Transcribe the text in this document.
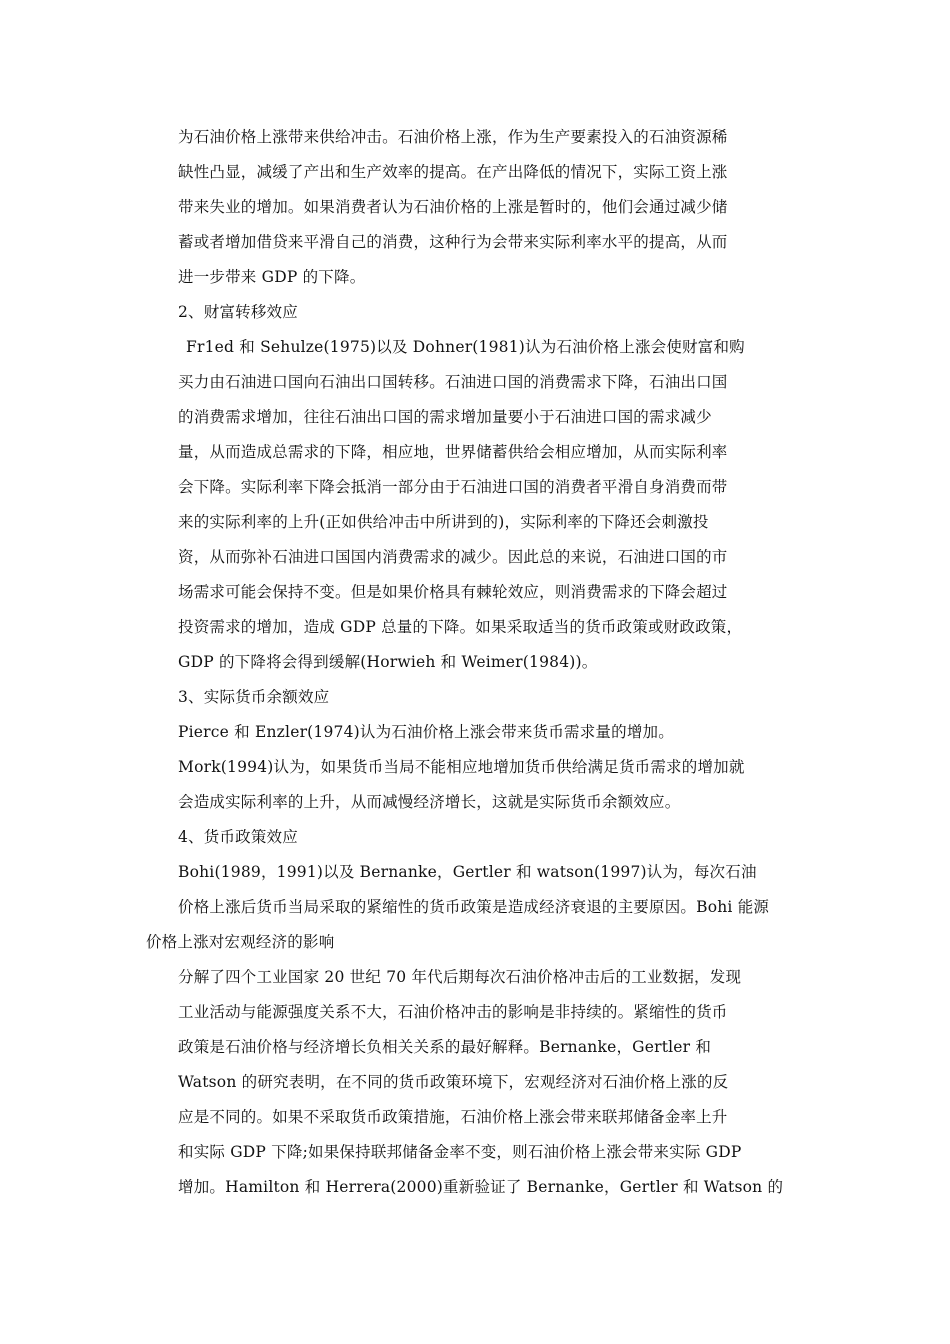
为石油价格上涨带来供给冲击。石油价格上涨，作为生产要素投入的石油资源稀
缺性凸显，减缓了产出和生产效率的提高。在产出降低的情况下，实际工资上涨
带来失业的增加。如果消费者认为石油价格的上涨是暂时的，他们会通过减少储
蓄或者增加借贷来平滑自己的消费，这种行为会带来实际利率水平的提高，从而
进一步带来 GDP 的下降。
2、财富转移效应
Fr1ed 和 Sehulze(1975)以及 Dohner(1981)认为石油价格上涨会使财富和购
买力由石油进口国向石油出口国转移。石油进口国的消费需求下降，石油出口国
的消费需求增加，往往石油出口国的需求增加量要小于石油进口国的需求减少
量，从而造成总需求的下降，相应地，世界储蓄供给会相应增加，从而实际利率
会下降。实际利率下降会抵消一部分由于石油进口国的消费者平滑自身消费而带
来的实际利率的上升(正如供给冲击中所讲到的)，实际利率的下降还会刺激投
资，从而弥补石油进口国国内消费需求的减少。因此总的来说，石油进口国的市
场需求可能会保持不变。但是如果价格具有棘轮效应，则消费需求的下降会超过
投资需求的增加，造成 GDP 总量的下降。如果采取适当的货币政策或财政政策，
GDP 的下降将会得到缓解(Horwieh 和 Weimer(1984))。
3、实际货币余额效应
Pierce 和 Enzler(1974)认为石油价格上涨会带来货币需求量的增加。
Mork(1994)认为，如果货币当局不能相应地增加货币供给满足货币需求的增加就
会造成实际利率的上升，从而减慢经济增长，这就是实际货币余额效应。
4、货币政策效应
Bohi(1989，1991)以及 Bernanke，Gertler 和 watson(1997)认为，每次石油
价格上涨后货币当局采取的紧缩性的货币政策是造成经济衰退的主要原因。Bohi 能源
价格上涨对宏观经济的影响
分解了四个工业国家 20 世纪 70 年代后期每次石油价格冲击后的工业数据，发现
工业活动与能源强度关系不大，石油价格冲击的影响是非持续的。紧缩性的货币
政策是石油价格与经济增长负相关关系的最好解释。Bernanke，Gertler 和
Watson 的研究表明，在不同的货币政策环境下，宏观经济对石油价格上涨的反
应是不同的。如果不采取货币政策措施，石油价格上涨会带来联邦储备金率上升
和实际 GDP 下降;如果保持联邦储备金率不变，则石油价格上涨会带来实际 GDP
增加。Hamilton 和 Herrera(2000)重新验证了 Bernanke，Gertler 和 Watson 的
